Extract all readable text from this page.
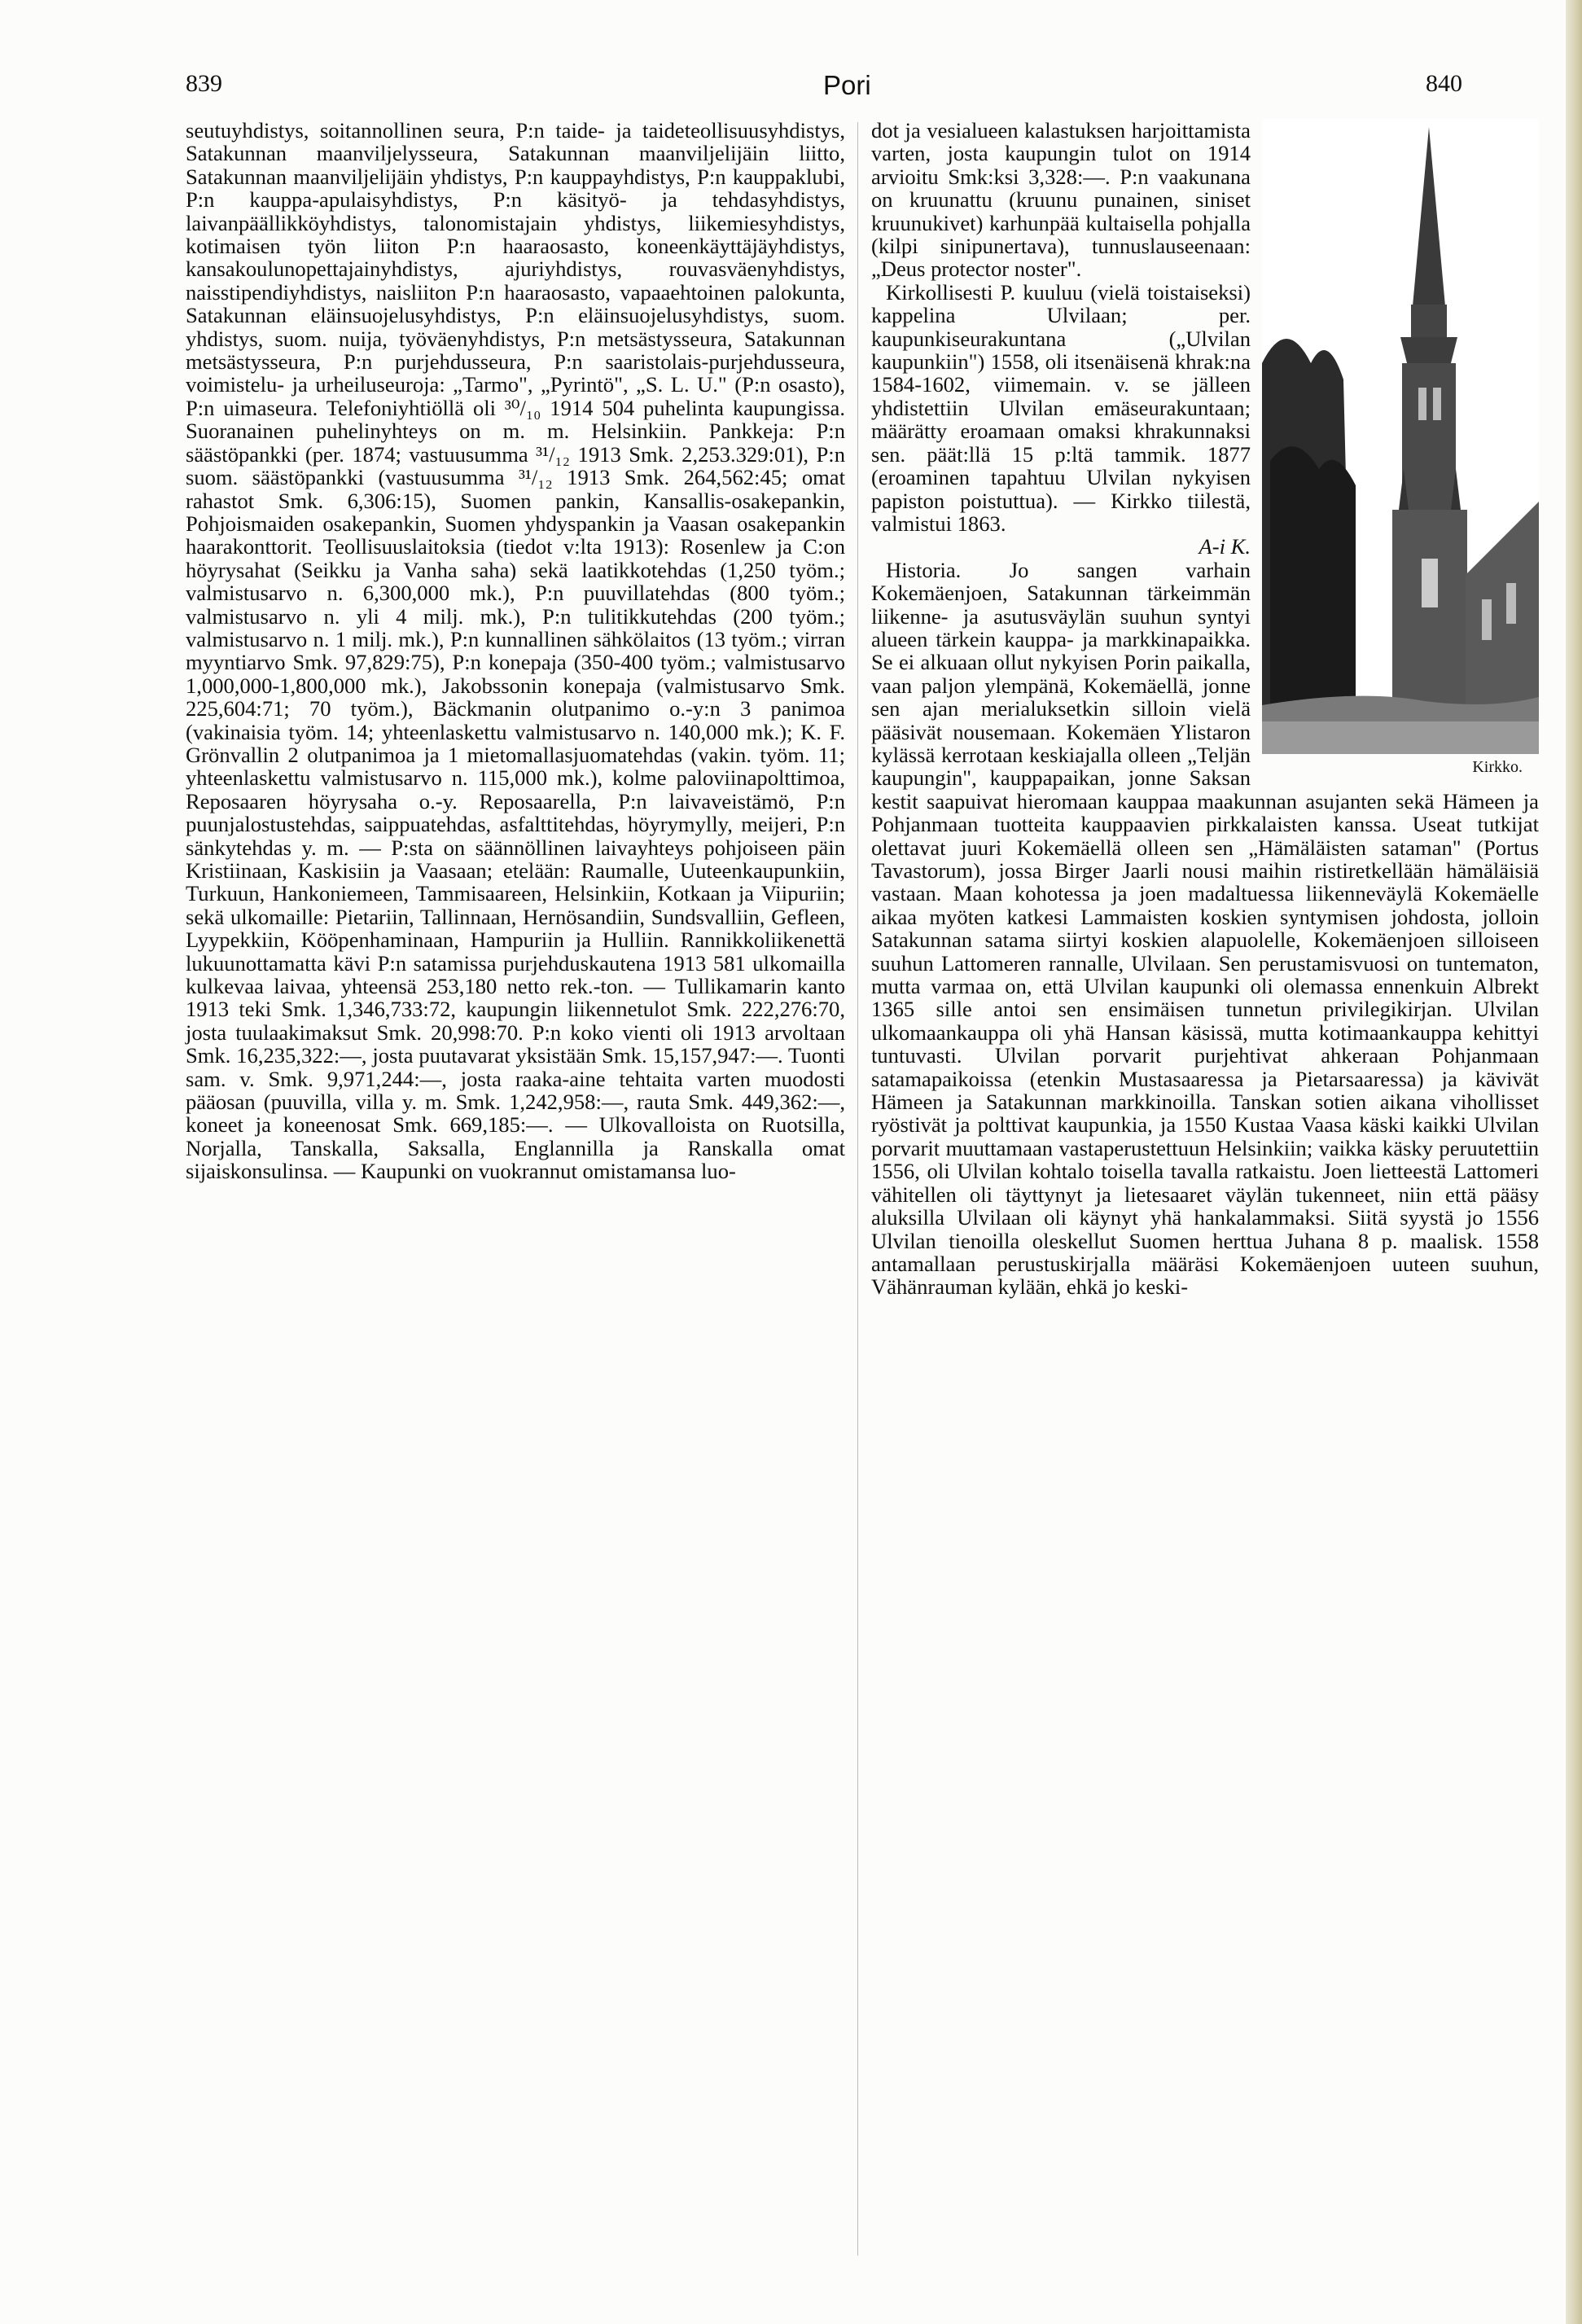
839	Pori	840

seutuyhdistys, soitannollinen seura, P:n taide- ja taideteollisuusyhdistys, Satakunnan maanviljelysseura, Satakunnan maanviljelijäin liitto, Satakunnan maanviljelijäin yhdistys, P:n kauppayhdistys, P:n kauppaklubi, P:n kauppa-apulaisyhdistys, P:n käsityö- ja tehdasyhdistys, laivanpäällikköyhdistys, talonomistajain yhdistys, liikemiesyhdistys, kotimaisen työn liiton P:n haaraosasto, koneenkäyttäjäyhdistys, kansakoulunopettajainyhdistys, ajuriyhdistys, rouvasväenyhdistys, naisstipendiyhdistys, naisliiton P:n haaraosasto, vapaaehtoinen palokunta, Satakunnan eläinsuojelusyhdistys, P:n eläinsuojelusyhdistys, suom. yhdistys, suom. nuija, työväenyhdistys, P:n metsästysseura, Satakunnan metsästysseura, P:n purjehdusseura, P:n saaristolais-purjehdusseura, voimistelu- ja urheiluseuroja: „Tarmo", „Pyrintö", „S. L. U." (P:n osasto), P:n uimaseura. Telefoniyhtiöllä oli ³⁰/₁₀ 1914 504 puhelinta kaupungissa. Suoranainen puhelinyhteys on m. m. Helsinkiin. Pankkeja: P:n säästöpankki (per. 1874; vastuusumma ³¹/₁₂ 1913 Smk. 2,253.329:01), P:n suom. säästöpankki (vastuusumma ³¹/₁₂ 1913 Smk. 264,562:45; omat rahastot Smk. 6,306:15), Suomen pankin, Kansallis-osakepankin, Pohjoismaiden osakepankin, Suomen yhdyspankin ja Vaasan osakepankin haarakonttorit. Teollisuuslaitoksia (tiedot v:lta 1913): Rosenlew ja C:on höyrysahat (Seikku ja Vanha saha) sekä laatikkotehdas (1,250 työm.; valmistusarvo n. 6,300,000 mk.), P:n puuvillatehdas (800 työm.; valmistusarvo n. yli 4 milj. mk.), P:n tulitikkutehdas (200 työm.; valmistusarvo n. 1 milj. mk.), P:n kunnallinen sähkölaitos (13 työm.; virran myyntiarvo Smk. 97,829:75), P:n konepaja (350-400 työm.; valmistusarvo 1,000,000-1,800,000 mk.), Jakobssonin konepaja (valmistusarvo Smk. 225,604:71; 70 työm.), Bäckmanin olutpanimo o.-y:n 3 panimoa (vakinaisia työm. 14; yhteenlaskettu valmistusarvo n. 140,000 mk.); K. F. Grönvallin 2 olutpanimoa ja 1 mietomallasjuomatehdas (vakin. työm. 11; yhteenlaskettu valmistusarvo n. 115,000 mk.), kolme paloviinapolttimoa, Reposaaren höyrysaha o.-y. Reposaarella, P:n laivaveistämö, P:n puunjalostustehdas, saippuatehdas, asfalttitehdas, höyrymylly, meijeri, P:n sänkytehdas y. m. — P:sta on säännöllinen laivayhteys pohjoiseen päin Kristiinaan, Kaskisiin ja Vaasaan; etelään: Raumalle, Uuteenkaupunkiin, Turkuun, Hankoniemeen, Tammisaareen, Helsinkiin, Kotkaan ja Viipuriin; sekä ulkomaille: Pietariin, Tallinnaan, Hernösandiin, Sundsvalliin, Gefleen, Lyypekkiin, Kööpenhaminaan, Hampuriin ja Hulliin. Rannikkoliikenettä lukuunottamatta kävi P:n satamissa purjehduskautena 1913 581 ulkomailla kulkevaa laivaa, yhteensä 253,180 netto rek.-ton. — Tullikamarin kanto 1913 teki Smk. 1,346,733:72, kaupungin liikennetulot Smk. 222,276:70, josta tuulaakimaksut Smk. 20,998:70. P:n koko vienti oli 1913 arvoltaan Smk. 16,235,322:—, josta puutavarat yksistään Smk. 15,157,947:—. Tuonti sam. v. Smk. 9,971,244:—, josta raaka-aine tehtaita varten muodosti pääosan (puuvilla, villa y. m. Smk. 1,242,958:—, rauta Smk. 449,362:—, koneet ja koneenosat Smk. 669,185:—. — Ulkovalloista on Ruotsilla, Norjalla, Tanskalla, Saksalla, Englannilla ja Ranskalla omat sijaiskonsulinsa. — Kaupunki on vuokrannut omistamansa luo-

Kirkko.

dot ja vesialueen kalastuksen harjoittamista varten, josta kaupungin tulot on 1914 arvioitu Smk:ksi 3,328:—. P:n vaakunana on kruunattu (kruunu punainen, siniset kruunukivet) karhunpää kultaisella pohjalla (kilpi sinipunertava), tunnuslauseenaan: „Deus protector noster".

Kirkollisesti P. kuuluu (vielä toistaiseksi) kappelina Ulvilaan; per. kaupunkiseurakuntana („Ulvilan kaupunkiin") 1558, oli itsenäisenä khrak:na 1584-1602, viimemain. v. se jälleen yhdistettiin Ulvilan emäseurakuntaan; määrätty eroamaan omaksi khrakunnaksi sen. päät:llä 15 p:ltä tammik. 1877 (eroaminen tapahtuu Ulvilan nykyisen papiston poistuttua). — Kirkko tiilestä, valmistui 1863.

A-i K.

Historia. Jo sangen varhain Kokemäenjoen, Satakunnan tärkeimmän liikenne- ja asutusväylän suuhun syntyi alueen tärkein kauppa- ja markkinapaikka. Se ei alkuaan ollut nykyisen Porin paikalla, vaan paljon ylempänä, Kokemäellä, jonne sen ajan merialuksetkin silloin vielä pääsivät nousemaan. Kokemäen Ylistaron kylässä kerrotaan keskiajalla olleen „Teljän kaupungin", kauppapaikan, jonne Saksan kestit saapuivat hieromaan kauppaa maakunnan asujanten sekä Hämeen ja Pohjanmaan tuotteita kauppaavien pirkkalaisten kanssa. Useat tutkijat olettavat juuri Kokemäellä olleen sen „Hämäläisten sataman" (Portus Tavastorum), jossa Birger Jaarli nousi maihin ristiretkellään hämäläisiä vastaan. Maan kohotessa ja joen madaltuessa liikenneväylä Kokemäelle aikaa myöten katkesi Lammaisten koskien syntymisen johdosta, jolloin Satakunnan satama siirtyi koskien alapuolelle, Kokemäenjoen silloiseen suuhun Lattomeren rannalle, Ulvilaan. Sen perustamisvuosi on tuntematon, mutta varmaa on, että Ulvilan kaupunki oli olemassa ennenkuin Albrekt 1365 sille antoi sen ensimäisen tunnetun privilegikirjan. Ulvilan ulkomaankauppa oli yhä Hansan käsissä, mutta kotimaankauppa kehittyi tuntuvasti. Ulvilan porvarit purjehtivat ahkeraan Pohjanmaan satamapaikoissa (etenkin Mustasaaressa ja Pietarsaaressa) ja kävivät Hämeen ja Satakunnan markkinoilla. Tanskan sotien aikana vihollisset ryöstivät ja polttivat kaupunkia, ja 1550 Kustaa Vaasa käski kaikki Ulvilan porvarit muuttamaan vastaperustettuun Helsinkiin; vaikka käsky peruutettiin 1556, oli Ulvilan kohtalo toisella tavalla ratkaistu. Joen lietteestä Lattomeri vähitellen oli täyttynyt ja lietesaaret väylän tukenneet, niin että pääsy aluksilla Ulvilaan oli käynyt yhä hankalammaksi. Siitä syystä jo 1556 Ulvilan tienoilla oleskellut Suomen herttua Juhana 8 p. maalisk. 1558 antamallaan perustuskirjalla määräsi Kokemäenjoen uuteen suuhun, Vähänrauman kylään, ehkä jo keski-
